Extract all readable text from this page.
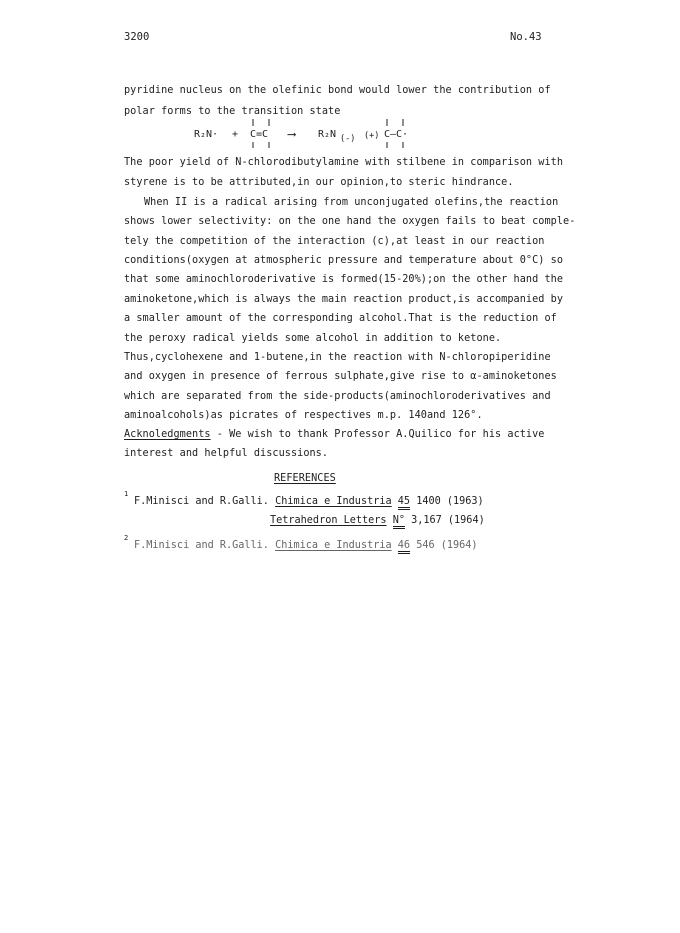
3200	No.43
pyridine nucleus on the olefinic bond would lower the contribution of
polar forms to the transition state
R₂N· + C=C ⟶ R₂N (-) (+) C—C·
The poor yield of N-chlorodibutylamine with stilbene in comparison with
styrene is to be attributed,in our opinion,to steric hindrance.
When II is a radical arising from unconjugated olefins,the reaction
shows lower selectivity: on the one hand the oxygen fails to beat comple-
tely the competition of the interaction (c),at least in our reaction
conditions(oxygen at atmospheric pressure and temperature about 0°C) so
that some aminochloroderivative is formed(15-20%);on the other hand the
aminoketone,which is always the main reaction product,is accompanied by
a smaller amount of the corresponding alcohol.That is the reduction of
the peroxy radical yields some alcohol in addition to ketone.
Thus,cyclohexene and 1-butene,in the reaction with N-chloropiperidine
and oxygen in presence of ferrous sulphate,give rise to α-aminoketones
which are separated from the side-products(aminochloroderivatives and
aminoalcohols)as picrates of respectives m.p. 140and 126°.
Acknoledgments - We wish to thank Professor A.Quilico for his active
interest and helpful discussions.
REFERENCES
1
F.Minisci and R.Galli. Chimica e Industria 45 1400 (1963)
Tetrahedron Letters N° 3,167 (1964)
2
F.Minisci and R.Galli. Chimica e Industria 46 546 (1964)
